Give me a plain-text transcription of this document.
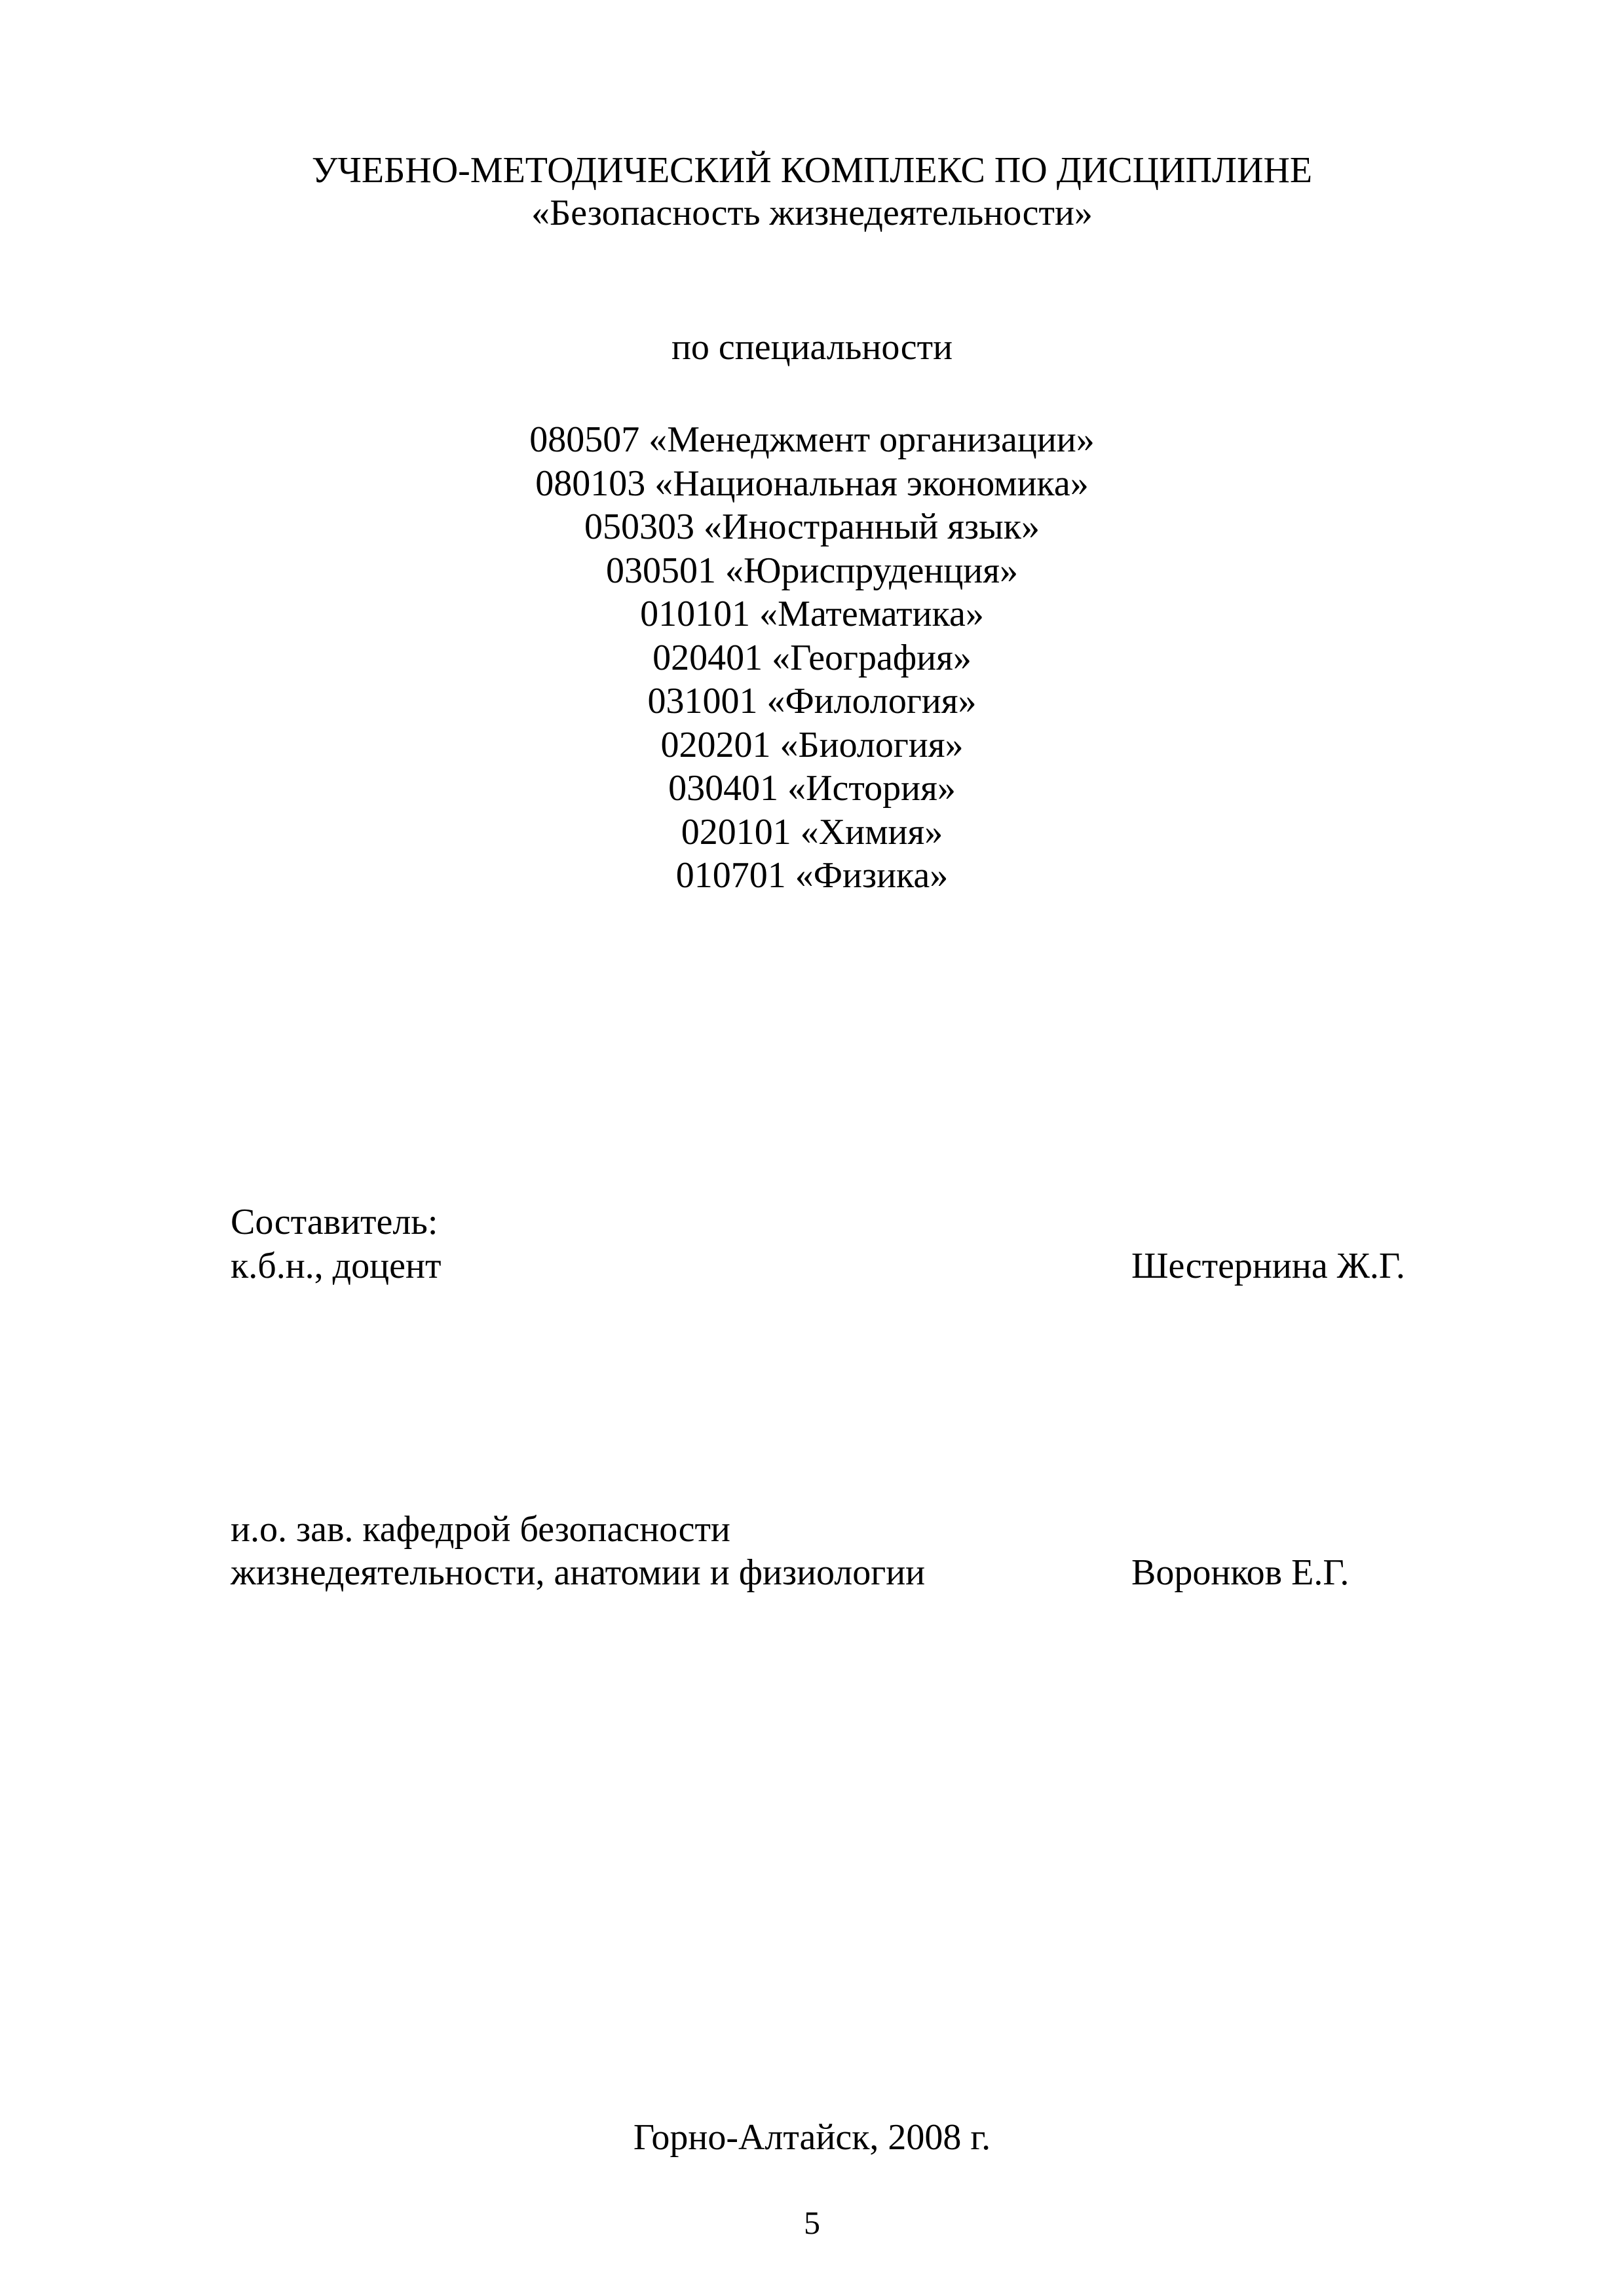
УЧЕБНО-МЕТОДИЧЕСКИЙ КОМПЛЕКС ПО ДИСЦИПЛИНЕ
«Безопасность жизнедеятельности»
по специальности
080507 «Менеджмент организации»
080103 «Национальная экономика»
050303 «Иностранный язык»
030501 «Юриспруденция»
010101 «Математика»
020401 «География»
031001 «Филология»
020201 «Биология»
030401 «История»
020101 «Химия»
010701 «Физика»
Составитель:
к.б.н., доцент	Шестернина Ж.Г.
и.о. зав. кафедрой безопасности
жизнедеятельности, анатомии и физиологии	Воронков Е.Г.
Горно-Алтайск, 2008 г.
5
